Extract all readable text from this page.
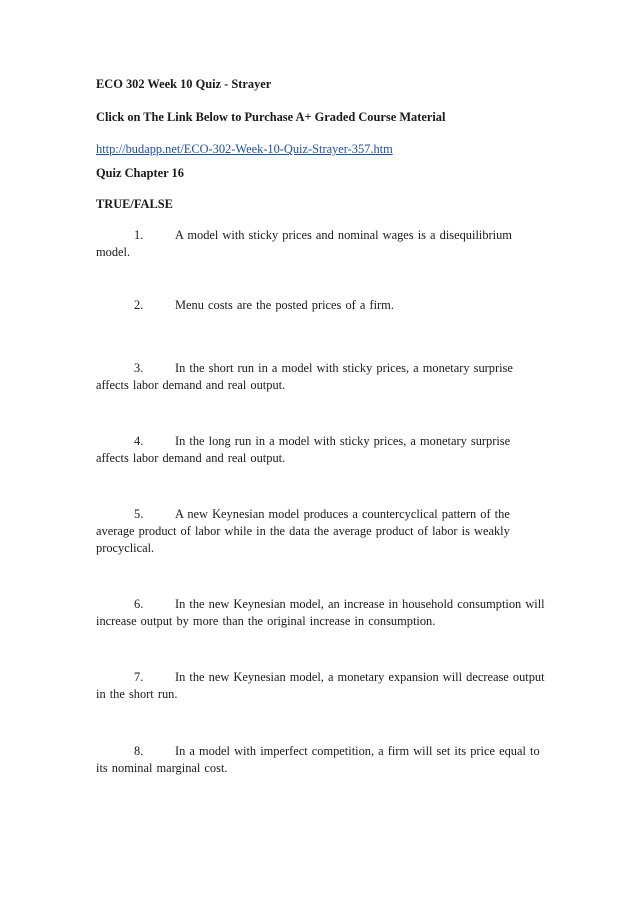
ECO 302 Week 10 Quiz - Strayer
Click on The Link Below to Purchase A+ Graded Course Material
http://budapp.net/ECO-302-Week-10-Quiz-Strayer-357.htm
Quiz Chapter 16
TRUE/FALSE
1.	A model with sticky prices and nominal wages is a disequilibrium model.
2.	Menu costs are the posted prices of a firm.
3.	In the short run in a model with sticky prices, a monetary surprise affects labor demand and real output.
4.	In the long run in a model with sticky prices, a monetary surprise affects labor demand and real output.
5.	A new Keynesian model produces a countercyclical pattern of the average product of labor while in the data the average product of labor is weakly procyclical.
6.	In the new Keynesian model, an increase in household consumption will increase output by more than the original increase in consumption.
7.	In the new Keynesian model, a monetary expansion will decrease output in the short run.
8.	In a model with imperfect competition, a firm will set its price equal to its nominal marginal cost.
